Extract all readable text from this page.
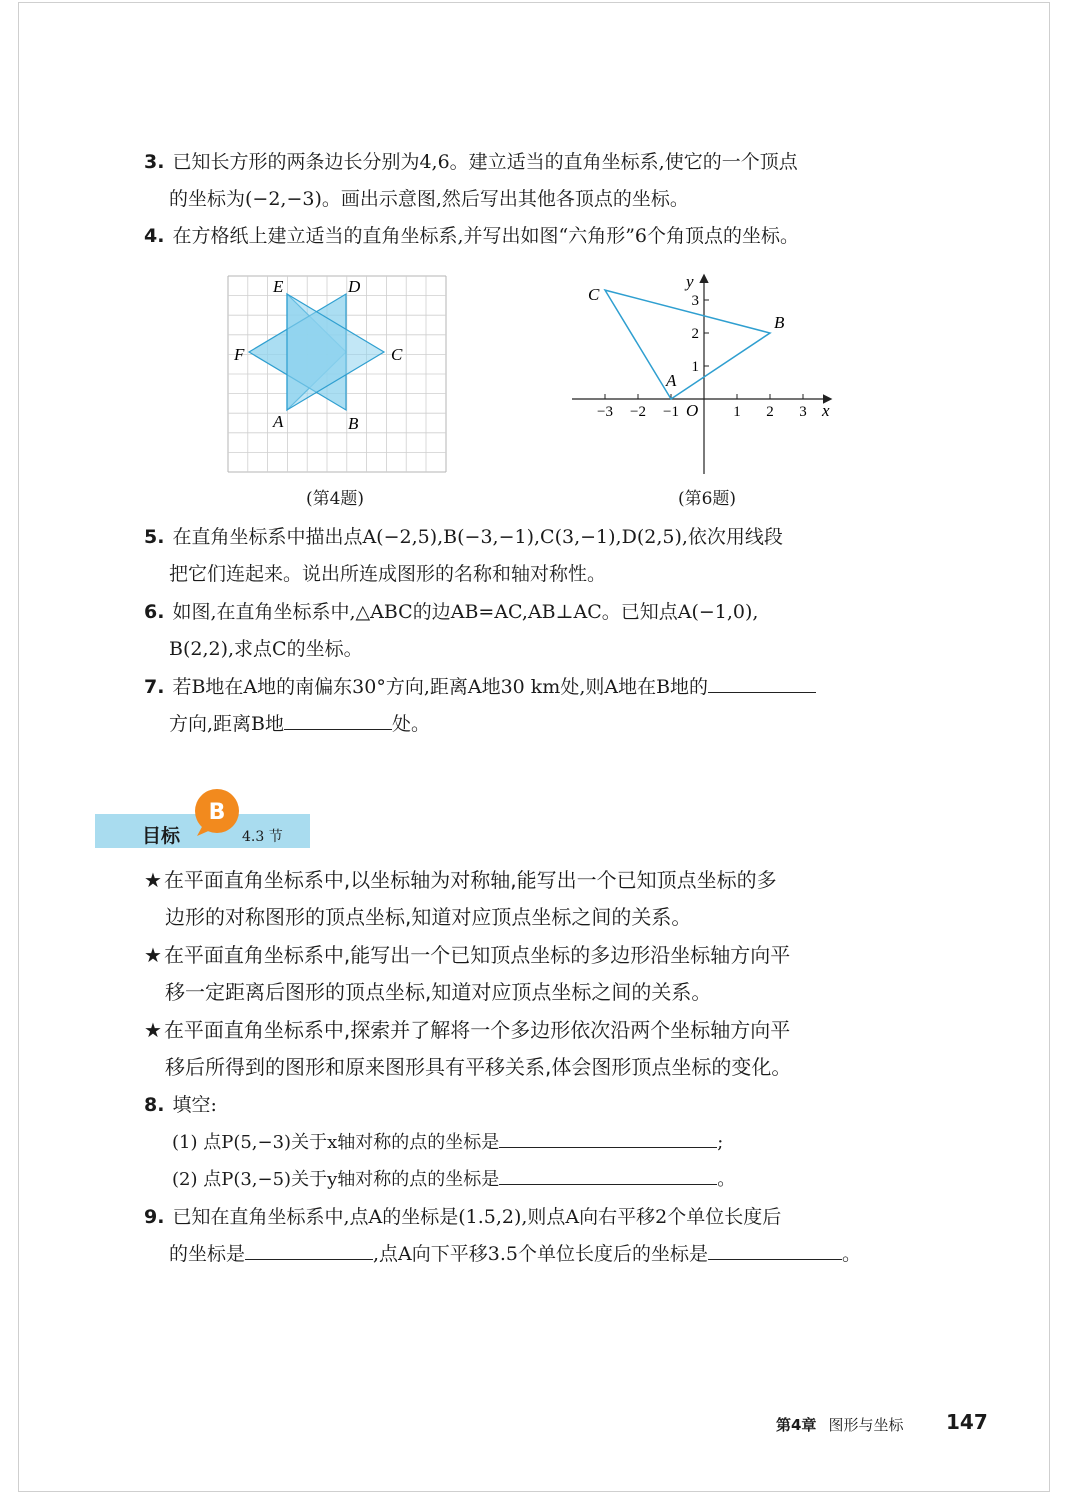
3. 已知长方形的两条边长分别为4,6。建立适当的直角坐标系,使它的一个顶点
的坐标为(−2,−3)。画出示意图,然后写出其他各顶点的坐标。
4. 在方格纸上建立适当的直角坐标系,并写出如图“六角形”6个角顶点的坐标。
E	D
F	C
A	B
(第4题)
−3 −2 −1	1 2 3
1
2
3
C
B
A
O	x
y
(第6题)
5. 在直角坐标系中描出点A(−2,5),B(−3,−1),C(3,−1),D(2,5),依次用线段
把它们连起来。说出所连成图形的名称和轴对称性。
6. 如图,在直角坐标系中,△ABC的边AB=AC,AB⊥AC。已知点A(−1,0),
B(2,2),求点C的坐标。
7. 若B地在A地的南偏东30°方向,距离A地30 km处,则A地在B地的
方向,距离B地	处。
目标
B
4.3 节
★ 在平面直角坐标系中,以坐标轴为对称轴,能写出一个已知顶点坐标的多
边形的对称图形的顶点坐标,知道对应顶点坐标之间的关系。
★ 在平面直角坐标系中,能写出一个已知顶点坐标的多边形沿坐标轴方向平
移一定距离后图形的顶点坐标,知道对应顶点坐标之间的关系。
★ 在平面直角坐标系中,探索并了解将一个多边形依次沿两个坐标轴方向平
移后所得到的图形和原来图形具有平移关系,体会图形顶点坐标的变化。
8. 填空:
(1) 点P(5,−3)关于x轴对称的点的坐标是	;
(2) 点P(3,−5)关于y轴对称的点的坐标是	。
9. 已知在直角坐标系中,点A的坐标是(1.5,2),则点A向右平移2个单位长度后
的坐标是	,点A向下平移3.5个单位长度后的坐标是	。
第4章 图形与坐标 147
